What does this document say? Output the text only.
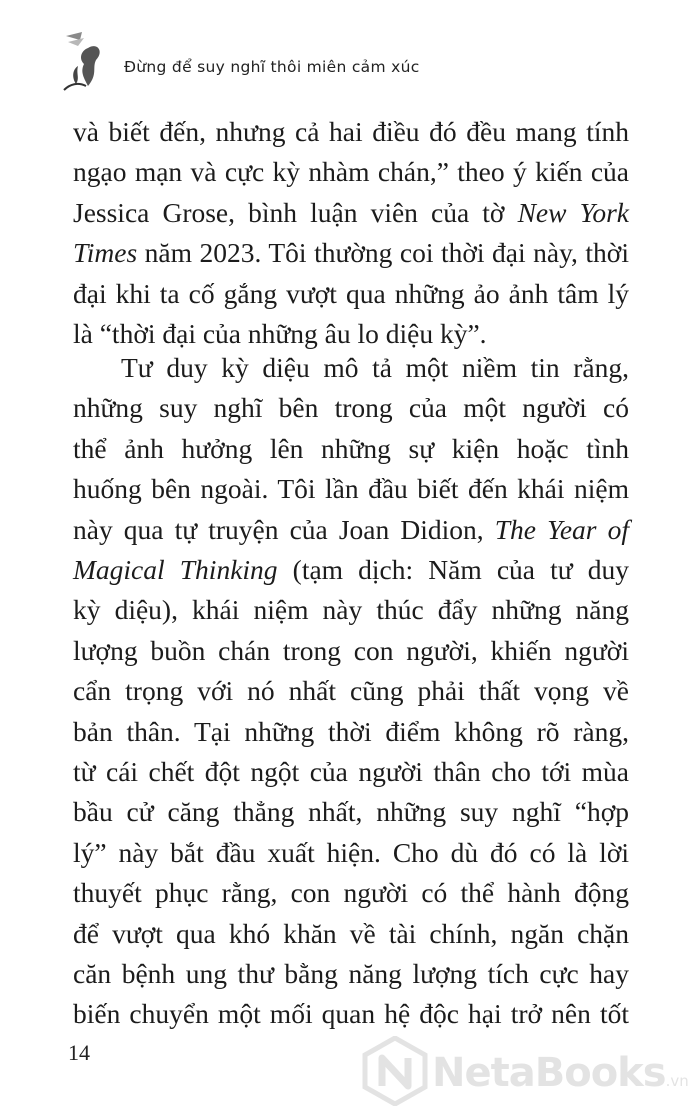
Đừng để suy nghĩ thôi miên cảm xúc
và biết đến, nhưng cả hai điều đó đều mang tính
ngạo mạn và cực kỳ nhàm chán,” theo ý kiến của
Jessica Grose, bình luận viên của tờ New York
Times năm 2023. Tôi thường coi thời đại này, thời
đại khi ta cố gắng vượt qua những ảo ảnh tâm lý
là “thời đại của những âu lo diệu kỳ”.
Tư duy kỳ diệu mô tả một niềm tin rằng,
những suy nghĩ bên trong của một người có
thể ảnh hưởng lên những sự kiện hoặc tình
huống bên ngoài. Tôi lần đầu biết đến khái niệm
này qua tự truyện của Joan Didion, The Year of
Magical Thinking (tạm dịch: Năm của tư duy
kỳ diệu), khái niệm này thúc đẩy những năng
lượng buồn chán trong con người, khiến người
cẩn trọng với nó nhất cũng phải thất vọng về
bản thân. Tại những thời điểm không rõ ràng,
từ cái chết đột ngột của người thân cho tới mùa
bầu cử căng thẳng nhất, những suy nghĩ “hợp
lý” này bắt đầu xuất hiện. Cho dù đó có là lời
thuyết phục rằng, con người có thể hành động
để vượt qua khó khăn về tài chính, ngăn chặn
căn bệnh ung thư bằng năng lượng tích cực hay
biến chuyển một mối quan hệ độc hại trở nên tốt
14	NetaBooks.vn
